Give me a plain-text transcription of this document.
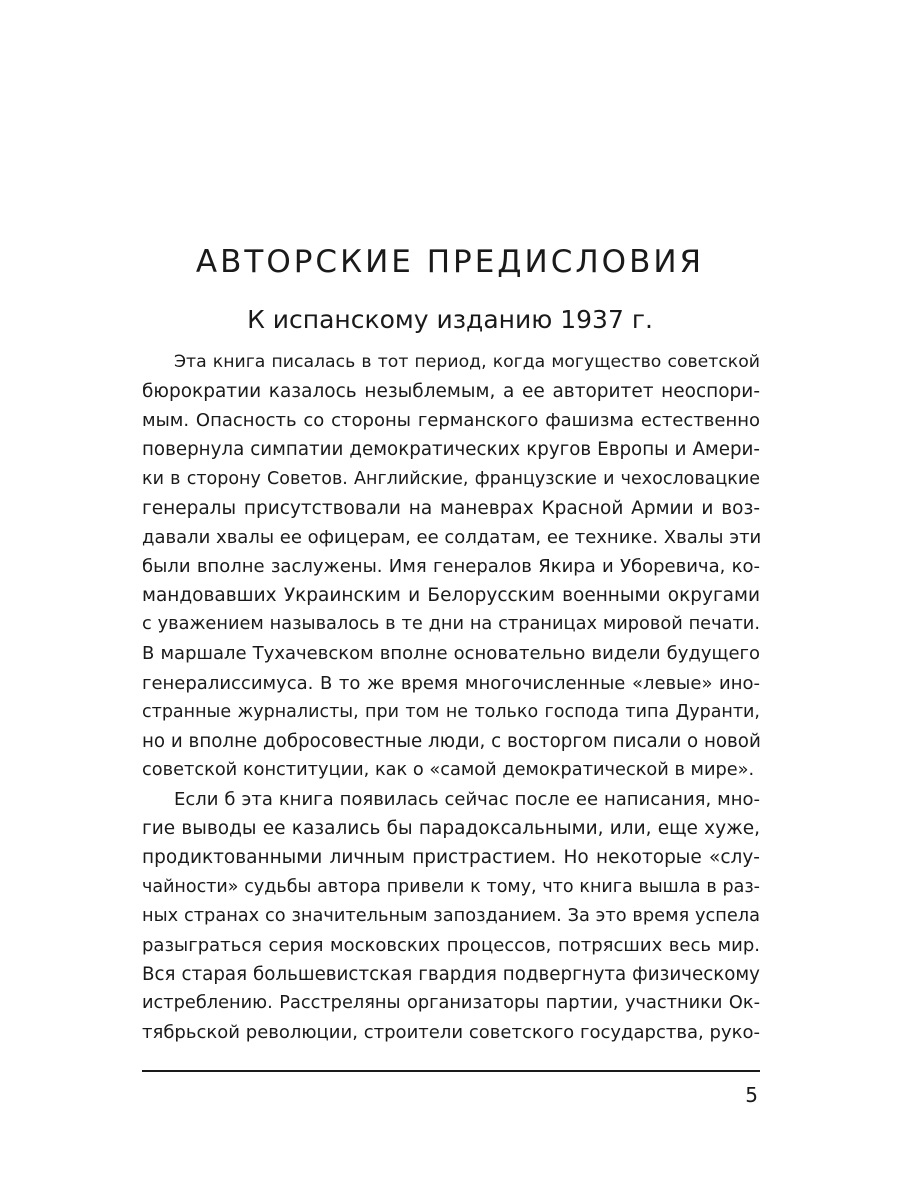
АВТОРСКИЕ ПРЕДИСЛОВИЯ
К испанскому изданию 1937 г.
Эта книга писалась в тот период, когда могущество советской
бюрократии казалось незыблемым, а ее авторитет неоспори-
мым. Опасность со стороны германского фашизма естественно
повернула симпатии демократических кругов Европы и Амери-
ки в сторону Советов. Английские, французские и чехословацкие
генералы присутствовали на маневрах Красной Армии и воз-
давали хвалы ее офицерам, ее солдатам, ее технике. Хвалы эти
были вполне заслужены. Имя генералов Якира и Уборевича, ко-
мандовавших Украинским и Белорусским военными округами
с уважением называлось в те дни на страницах мировой печати.
В маршале Тухачевском вполне основательно видели будущего
генералиссимуса. В то же время многочисленные «левые» ино-
странные журналисты, при том не только господа типа Дуранти,
но и вполне добросовестные люди, с восторгом писали о новой
советской конституции, как о «самой демократической в мире».
Если б эта книга появилась сейчас после ее написания, мно-
гие выводы ее казались бы парадоксальными, или, еще хуже,
продиктованными личным пристрастием. Но некоторые «слу-
чайности» судьбы автора привели к тому, что книга вышла в раз-
ных странах со значительным запозданием. За это время успела
разыграться серия московских процессов, потрясших весь мир.
Вся старая большевистская гвардия подвергнута физическому
истреблению. Расстреляны организаторы партии, участники Ок-
тябрьской революции, строители советского государства, руко-
5
